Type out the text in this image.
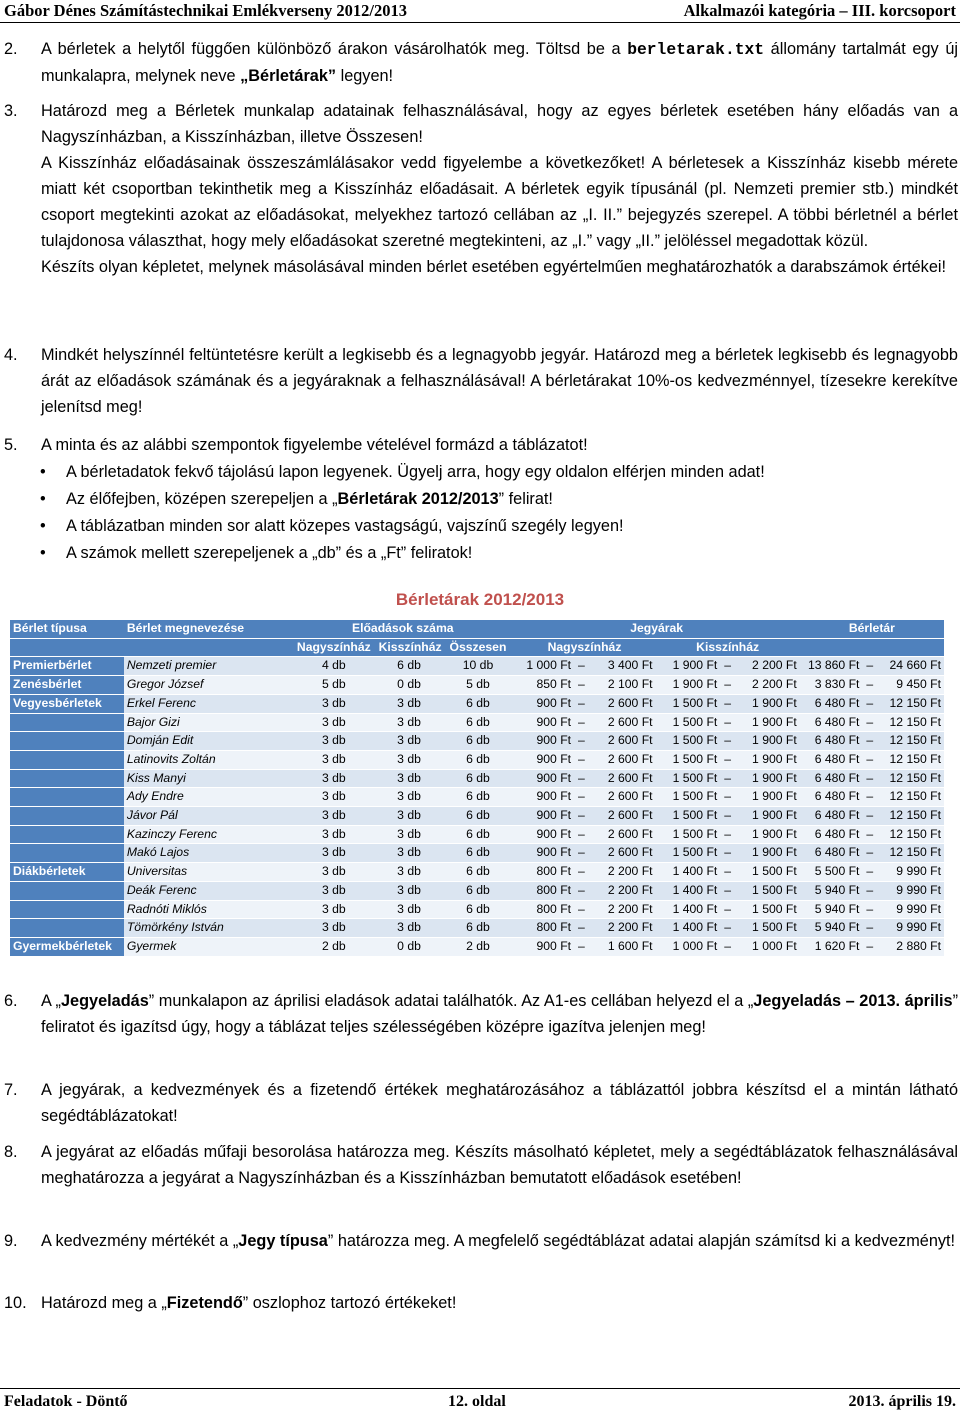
Gábor Dénes Számítástechnikai Emlékverseny 2012/2013	Alkalmazói kategória – III. korcsoport
2. A bérletek a helytől függően különböző árakon vásárolhatók meg. Töltsd be a berletarak.txt állomány tartalmát egy új munkalapra, melynek neve „Bérletárak” legyen!
3. Határozd meg a Bérletek munkalap adatainak felhasználásával, hogy az egyes bérletek esetében hány előadás van a Nagyszínházban, a Kisszínházban, illetve Összesen!

A Kisszínház előadásainak összeszámlálásakor vedd figyelembe a következőket! A bérletesek a Kisszínház kisebb mérete miatt két csoportban tekinthetik meg a Kisszínház előadásait. A bérletek egyik típusánál (pl. Nemzeti premier stb.) mindkét csoport megtekinti azokat az előadásokat, melyekhez tartozó cellában az „I. II.” bejegyzés szerepel. A többi bérletnél a bérlet tulajdonosa választhat, hogy mely előadásokat szeretné megtekinteni, az „I.” vagy „II.” jelöléssel megadottak közül.

Készíts olyan képletet, melynek másolásával minden bérlet esetében egyértelműen meghatározhatók a darabszámok értékei!

4. Mindkét helyszínnél feltüntetésre került a legkisebb és a legnagyobb jegyár. Határozd meg a bérletek legkisebb és legnagyobb árát az előadások számának és a jegyáraknak a felhasználásával! A bérletárakat 10%-os kedvezménnyel, tízesekre kerekítve jelenítsd meg!

5. A minta és az alábbi szempontok figyelembe vételével formázd a táblázatot!

• A bérletadatok fekvő tájolású lapon legyenek. Ügyelj arra, hogy egy oldalon elférjen minden adat!
• Az élőfejben, középen szerepeljen a „Bérletárak 2012/2013” felirat!
• A táblázatban minden sor alatt közepes vastagságú, vajszínű szegély legyen!
• A számok mellett szerepeljenek a „db” és a „Ft” feliratok!
Bérletárak 2012/2013
Bérlet típusa	Bérlet megnevezése	Előadások száma			Jegyárak						Bérletár		
		Nagyszínház	Kisszínház	Összesen	Nagyszínház			Kisszínház					
Premierbérlet	Nemzeti premier	4 db	6 db	10 db	1 000 Ft	–	3 400 Ft	1 900 Ft	–	2 200 Ft	13 860 Ft	–	24 660 Ft
Zenésbérlet	Gregor József	5 db	0 db	5 db	850 Ft	–	2 100 Ft	1 900 Ft	–	2 200 Ft	3 830 Ft	–	9 450 Ft
Vegyesbérletek	Erkel Ferenc	3 db	3 db	6 db	900 Ft	–	2 600 Ft	1 500 Ft	–	1 900 Ft	6 480 Ft	–	12 150 Ft
	Bajor Gizi	3 db	3 db	6 db	900 Ft	–	2 600 Ft	1 500 Ft	–	1 900 Ft	6 480 Ft	–	12 150 Ft
	Domján Edit	3 db	3 db	6 db	900 Ft	–	2 600 Ft	1 500 Ft	–	1 900 Ft	6 480 Ft	–	12 150 Ft
	Latinovits Zoltán	3 db	3 db	6 db	900 Ft	–	2 600 Ft	1 500 Ft	–	1 900 Ft	6 480 Ft	–	12 150 Ft
	Kiss Manyi	3 db	3 db	6 db	900 Ft	–	2 600 Ft	1 500 Ft	–	1 900 Ft	6 480 Ft	–	12 150 Ft
	Ady Endre	3 db	3 db	6 db	900 Ft	–	2 600 Ft	1 500 Ft	–	1 900 Ft	6 480 Ft	–	12 150 Ft
	Jávor Pál	3 db	3 db	6 db	900 Ft	–	2 600 Ft	1 500 Ft	–	1 900 Ft	6 480 Ft	–	12 150 Ft
	Kazinczy Ferenc	3 db	3 db	6 db	900 Ft	–	2 600 Ft	1 500 Ft	–	1 900 Ft	6 480 Ft	–	12 150 Ft
	Makó Lajos	3 db	3 db	6 db	900 Ft	–	2 600 Ft	1 500 Ft	–	1 900 Ft	6 480 Ft	–	12 150 Ft
Diákbérletek	Universitas	3 db	3 db	6 db	800 Ft	–	2 200 Ft	1 400 Ft	–	1 500 Ft	5 500 Ft	–	9 990 Ft
	Deák Ferenc	3 db	3 db	6 db	800 Ft	–	2 200 Ft	1 400 Ft	–	1 500 Ft	5 940 Ft	–	9 990 Ft
	Radnóti Miklós	3 db	3 db	6 db	800 Ft	–	2 200 Ft	1 400 Ft	–	1 500 Ft	5 940 Ft	–	9 990 Ft
	Tömörkény István	3 db	3 db	6 db	800 Ft	–	2 200 Ft	1 400 Ft	–	1 500 Ft	5 940 Ft	–	9 990 Ft
Gyermekbérletek	Gyermek	2 db	0 db	2 db	900 Ft	–	1 600 Ft	1 000 Ft	–	1 000 Ft	1 620 Ft	–	2 880 Ft
6. A „Jegyeladás” munkalapon az áprilisi eladások adatai találhatók. Az A1-es cellában helyezd el a „Jegyeladás – 2013. április” feliratot és igazítsd úgy, hogy a táblázat teljes szélességében középre igazítva jelenjen meg!
7. A jegyárak, a kedvezmények és a fizetendő értékek meghatározásához a táblázattól jobbra készítsd el a mintán látható segédtáblázatokat!

8. A jegyárat az előadás műfaji besorolása határozza meg. Készíts másolható képletet, mely a segédtáblázatok felhasználásával meghatározza a jegyárat a Nagyszínházban és a Kisszínházban bemutatott előadások esetében!

9. A kedvezmény mértékét a „Jegy típusa” határozza meg. A megfelelő segédtáblázat adatai alapján számítsd ki a kedvezményt!
10. Határozd meg a „Fizetendő” oszlophoz tartozó értékeket!
Feladatok - Döntő	12. oldal	2013. április 19.
